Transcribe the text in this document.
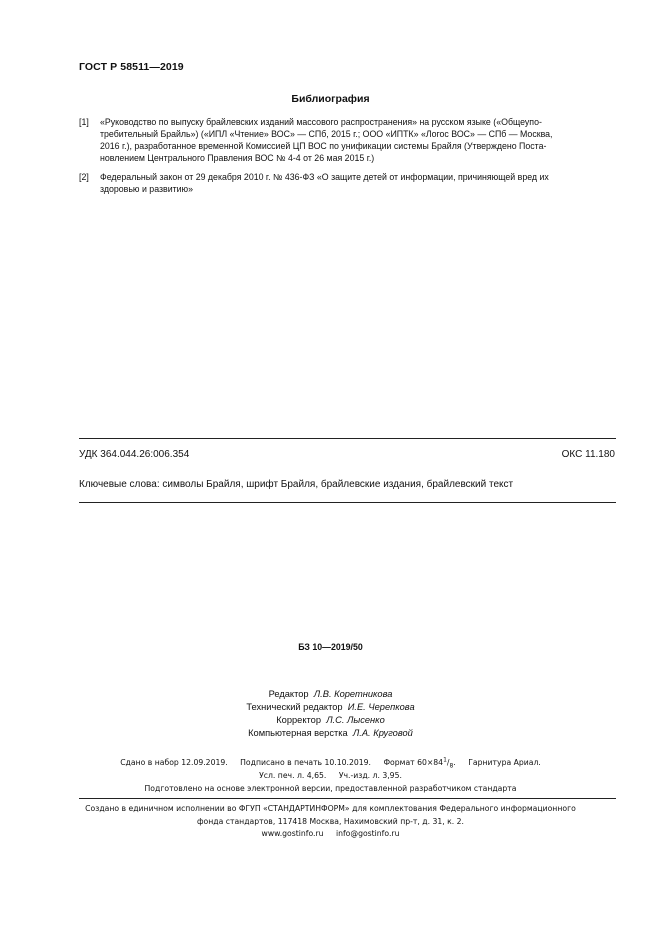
ГОСТ Р 58511—2019
Библиография
[1] «Руководство по выпуску брайлевских изданий массового распространения» на русском языке («Общеупо-
требительный Брайль») («ИПЛ «Чтение» ВОС» — СПб, 2015 г.; ООО «ИПТК» «Логос ВОС» — СПб — Москва,
2016 г.), разработанное временной Комиссией ЦП ВОС по унификации системы Брайля (Утверждено Поста-
новлением Центрального Правления ВОС № 4-4 от 26 мая 2015 г.)
[2] Федеральный закон от 29 декабря 2010 г. № 436-ФЗ «О защите детей от информации, причиняющей вред их
здоровью и развитию»
УДК 364.044.26:006.354	ОКС 11.180
Ключевые слова: символы Брайля, шрифт Брайля, брайлевские издания, брайлевский текст
БЗ 10—2019/50
Редактор Л.В. Коретникова
Технический редактор И.Е. Черепкова
Корректор Л.С. Лысенко
Компьютерная верстка Л.А. Круговой
Сдано в набор 12.09.2019. Подписано в печать 10.10.2019. Формат $60\times 84^1/_8$. Гарнитура Ариал.
Усл. печ. л. 4,65. Уч.-изд. л. 3,95.
Подготовлено на основе электронной версии, предоставленной разработчиком стандарта
Создано в единичном исполнении во ФГУП «СТАНДАРТИНФОРМ» для комплектования Федерального информационного
фонда стандартов, 117418 Москва, Нахимовский пр-т, д. 31, к. 2.
www.gostinfo.ru info@gostinfo.ru
